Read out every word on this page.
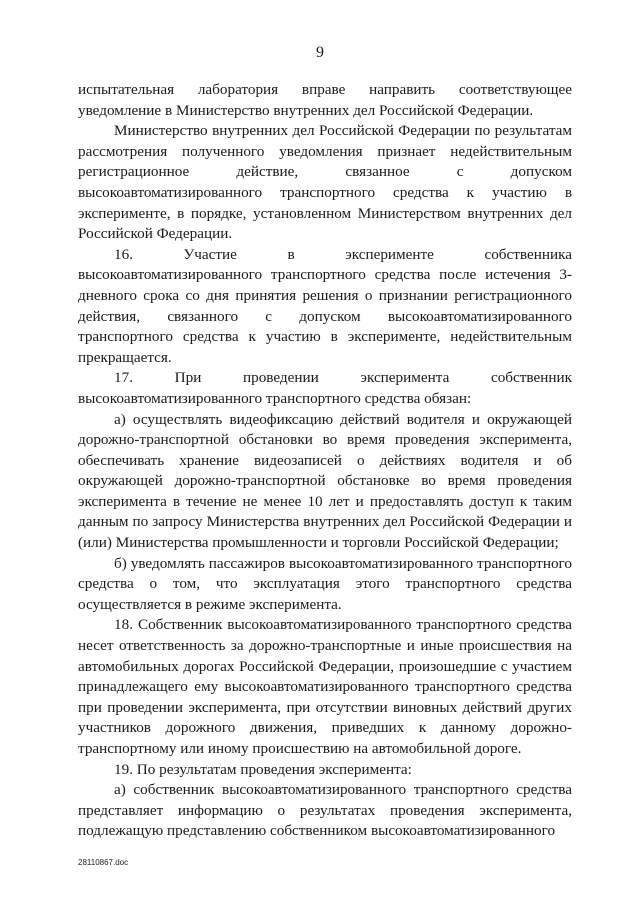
9

испытательная лаборатория вправе направить соответствующее уведомление в Министерство внутренних дел Российской Федерации.

Министерство внутренних дел Российской Федерации по результатам рассмотрения полученного уведомления признает недействительным регистрационное действие, связанное с допуском высокоавтоматизированного транспортного средства к участию в эксперименте, в порядке, установленном Министерством внутренних дел Российской Федерации.

16. Участие в эксперименте собственника высокоавтоматизированного транспортного средства после истечения 3-дневного срока со дня принятия решения о признании регистрационного действия, связанного с допуском высокоавтоматизированного транспортного средства к участию в эксперименте, недействительным прекращается.

17. При проведении эксперимента собственник высокоавтоматизированного транспортного средства обязан:

а) осуществлять видеофиксацию действий водителя и окружающей дорожно-транспортной обстановки во время проведения эксперимента, обеспечивать хранение видеозаписей о действиях водителя и об окружающей дорожно-транспортной обстановке во время проведения эксперимента в течение не менее 10 лет и предоставлять доступ к таким данным по запросу Министерства внутренних дел Российской Федерации и (или) Министерства промышленности и торговли Российской Федерации;

б) уведомлять пассажиров высокоавтоматизированного транспортного средства о том, что эксплуатация этого транспортного средства осуществляется в режиме эксперимента.

18. Собственник высокоавтоматизированного транспортного средства несет ответственность за дорожно-транспортные и иные происшествия на автомобильных дорогах Российской Федерации, произошедшие с участием принадлежащего ему высокоавтоматизированного транспортного средства при проведении эксперимента, при отсутствии виновных действий других участников дорожного движения, приведших к данному дорожно-транспортному или иному происшествию на автомобильной дороге.

19. По результатам проведения эксперимента:

а) собственник высокоавтоматизированного транспортного средства представляет информацию о результатах проведения эксперимента, подлежащую представлению собственником высокоавтоматизированного

28110867.doc
